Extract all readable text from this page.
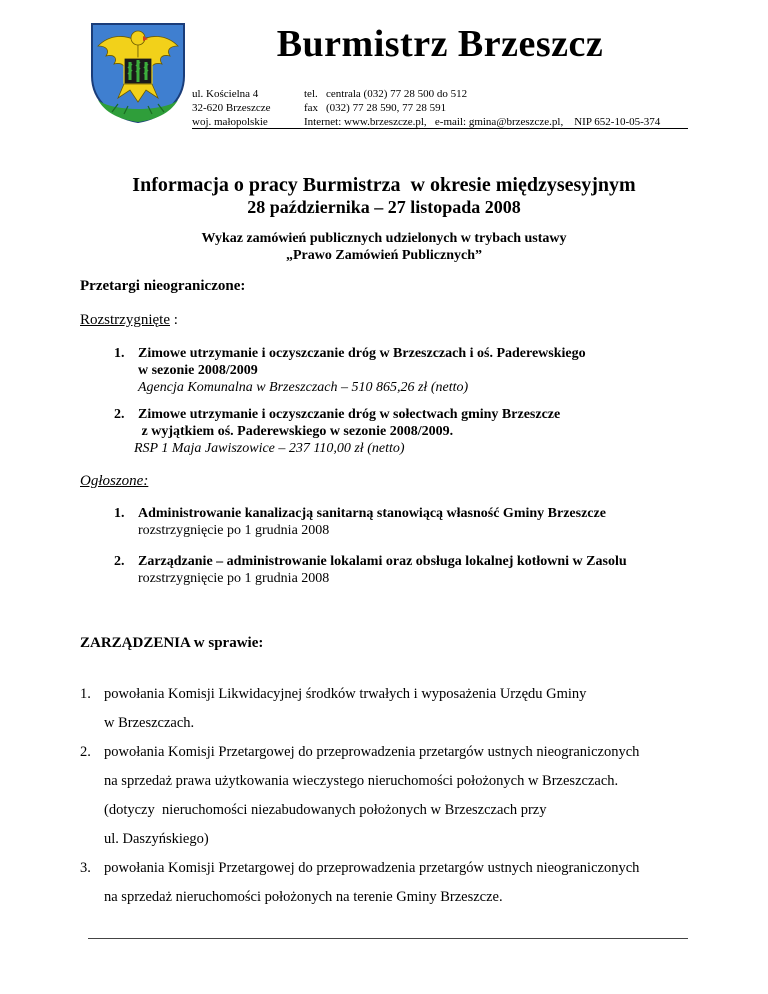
Burmistrz Brzeszcz
ul. Kościelna 4
32-620 Brzeszcze
woj. małopolskie
tel. centrala (032) 77 28 500 do 512
fax (032) 77 28 590, 77 28 591
Internet: www.brzeszcze.pl,   e-mail: gmina@brzeszcze.pl,    NIP 652-10-05-374
Informacja o pracy Burmistrza  w okresie międzysesyjnym
28 października – 27 listopada 2008
Wykaz zamówień publicznych udzielonych w trybach ustawy
„Prawo Zamówień Publicznych”
Przetargi nieograniczone:
Rozstrzygnięte :
1. Zimowe utrzymanie i oczyszczanie dróg w Brzeszczach i oś. Paderewskiego
w sezonie 2008/2009
Agencja Komunalna w Brzeszczach – 510 865,26 zł (netto)
2. Zimowe utrzymanie i oczyszczanie dróg w sołectwach gminy Brzeszcze
z wyjątkiem oś. Paderewskiego w sezonie 2008/2009.
RSP 1 Maja Jawiszowice – 237 110,00 zł (netto)
Ogłoszone:
1. Administrowanie kanalizacją sanitarną stanowiącą własność Gminy Brzeszcze
rozstrzygnięcie po 1 grudnia 2008
2. Zarządzanie – administrowanie lokalami oraz obsługa lokalnej kotłowni w Zasolu
rozstrzygnięcie po 1 grudnia 2008
ZARZĄDZENIA w sprawie:
1. powołania Komisji Likwidacyjnej środków trwałych i wyposażenia Urzędu Gminy
w Brzeszczach.
2. powołania Komisji Przetargowej do przeprowadzenia przetargów ustnych nieograniczonych
na sprzedaż prawa użytkowania wieczystego nieruchomości położonych w Brzeszczach.
(dotyczy  nieruchomości niezabudowanych położonych w Brzeszczach przy
ul. Daszyńskiego)
3. powołania Komisji Przetargowej do przeprowadzenia przetargów ustnych nieograniczonych
na sprzedaż nieruchomości położonych na terenie Gminy Brzeszcze.
